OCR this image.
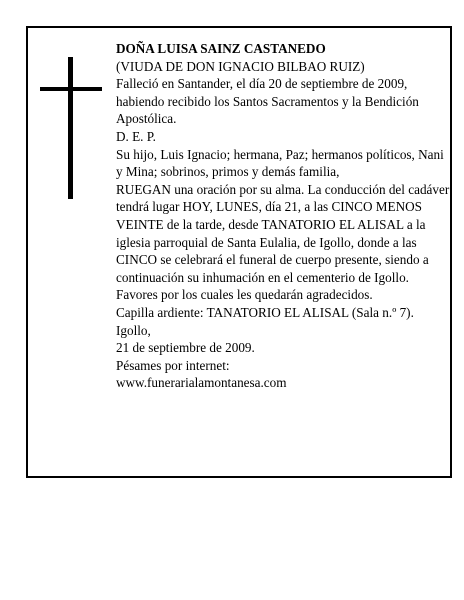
DOÑA LUISA SAINZ CASTANEDO

(VIUDA DE DON IGNACIO BILBAO RUIZ)

Falleció en Santander, el día 20 de septiembre de 2009, habiendo recibido los Santos Sacramentos y la Bendición Apostólica.

D. E. P.

Su hijo, Luis Ignacio; hermana, Paz; hermanos políticos, Nani y Mina; sobrinos, primos y demás familia,

RUEGAN una oración por su alma. La conducción del cadáver tendrá lugar HOY, LUNES, día 21, a las CINCO MENOS VEINTE de la tarde, desde TANATORIO EL ALISAL a la iglesia parroquial de Santa Eulalia, de Igollo, donde a las CINCO se celebrará el funeral de cuerpo presente, siendo a continuación su inhumación en el cementerio de Igollo.

Favores por los cuales les quedarán agradecidos.

Capilla ardiente: TANATORIO EL ALISAL (Sala n.º 7).

Igollo,

21 de septiembre de 2009.

Pésames por internet:

www.funerarialamontanesa.com
